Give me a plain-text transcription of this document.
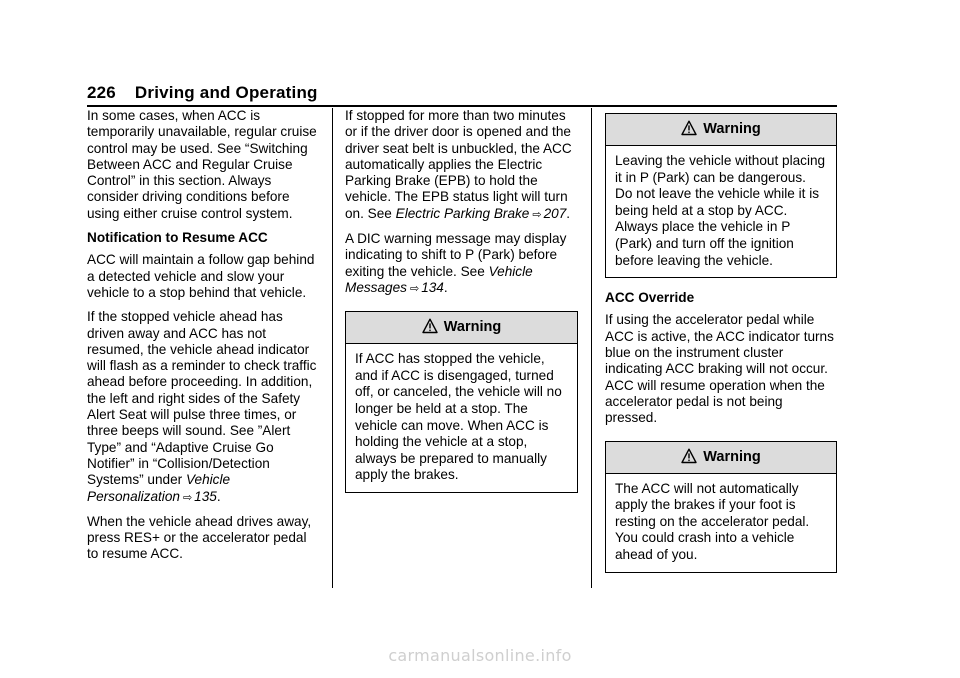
226 Driving and Operating

In some cases, when ACC is temporarily unavailable, regular cruise control may be used. See “Switching Between ACC and Regular Cruise Control” in this section. Always consider driving conditions before using either cruise control system.

Notification to Resume ACC

ACC will maintain a follow gap behind a detected vehicle and slow your vehicle to a stop behind that vehicle.

If the stopped vehicle ahead has driven away and ACC has not resumed, the vehicle ahead indicator will flash as a reminder to check traffic ahead before proceeding. In addition, the left and right sides of the Safety Alert Seat will pulse three times, or three beeps will sound. See ”Alert Type” and “Adaptive Cruise Go Notifier” in “Collision/Detection Systems” under Vehicle Personalization ⇨ 135.

When the vehicle ahead drives away, press RES+ or the accelerator pedal to resume ACC.

If stopped for more than two minutes or if the driver door is opened and the driver seat belt is unbuckled, the ACC automatically applies the Electric Parking Brake (EPB) to hold the vehicle. The EPB status light will turn on. See Electric Parking Brake ⇨ 207.

A DIC warning message may display indicating to shift to P (Park) before exiting the vehicle. See Vehicle Messages ⇨ 134.

Warning
If ACC has stopped the vehicle, and if ACC is disengaged, turned off, or canceled, the vehicle will no longer be held at a stop. The vehicle can move. When ACC is holding the vehicle at a stop, always be prepared to manually apply the brakes.
Warning
Leaving the vehicle without placing it in P (Park) can be dangerous. Do not leave the vehicle while it is being held at a stop by ACC. Always place the vehicle in P (Park) and turn off the ignition before leaving the vehicle.
ACC Override

If using the accelerator pedal while ACC is active, the ACC indicator turns blue on the instrument cluster indicating ACC braking will not occur. ACC will resume operation when the accelerator pedal is not being pressed.

Warning
The ACC will not automatically apply the brakes if your foot is resting on the accelerator pedal. You could crash into a vehicle ahead of you.
carmanualsonline.info
